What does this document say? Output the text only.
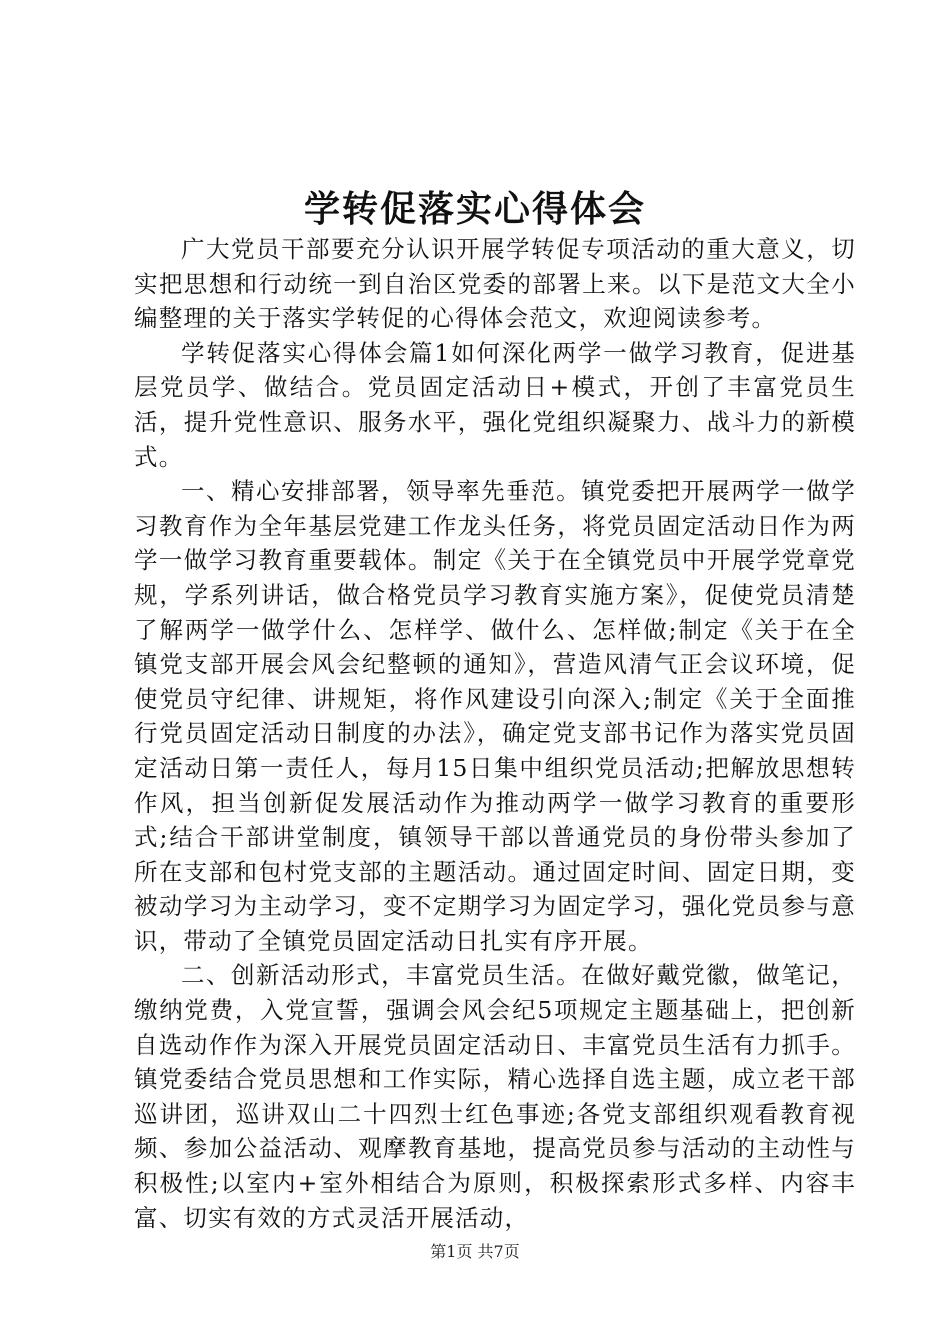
学转促落实心得体会

广大党员干部要充分认识开展学转促专项活动的重大意义，切实把思想和行动统一到自治区党委的部署上来。以下是范文大全小编整理的关于落实学转促的心得体会范文，欢迎阅读参考。

学转促落实心得体会篇1如何深化两学一做学习教育，促进基层党员学、做结合。党员固定活动日+模式，开创了丰富党员生活，提升党性意识、服务水平，强化党组织凝聚力、战斗力的新模式。

一、精心安排部署，领导率先垂范。镇党委把开展两学一做学习教育作为全年基层党建工作龙头任务，将党员固定活动日作为两学一做学习教育重要载体。制定《关于在全镇党员中开展学党章党规，学系列讲话，做合格党员学习教育实施方案》，促使党员清楚了解两学一做学什么、怎样学、做什么、怎样做;制定《关于在全镇党支部开展会风会纪整顿的通知》，营造风清气正会议环境，促使党员守纪律、讲规矩，将作风建设引向深入;制定《关于全面推行党员固定活动日制度的办法》，确定党支部书记作为落实党员固定活动日第一责任人，每月15日集中组织党员活动;把解放思想转作风，担当创新促发展活动作为推动两学一做学习教育的重要形式;结合干部讲堂制度，镇领导干部以普通党员的身份带头参加了所在支部和包村党支部的主题活动。通过固定时间、固定日期，变被动学习为主动学习，变不定期学习为固定学习，强化党员参与意识，带动了全镇党员固定活动日扎实有序开展。

二、创新活动形式，丰富党员生活。在做好戴党徽，做笔记，缴纳党费，入党宣誓，强调会风会纪5项规定主题基础上，把创新自选动作作为深入开展党员固定活动日、丰富党员生活有力抓手。镇党委结合党员思想和工作实际，精心选择自选主题，成立老干部巡讲团，巡讲双山二十四烈士红色事迹;各党支部组织观看教育视频、参加公益活动、观摩教育基地，提高党员参与活动的主动性与积极性;以室内+室外相结合为原则，积极探索形式多样、内容丰富、切实有效的方式灵活开展活动，

第1页 共7页
